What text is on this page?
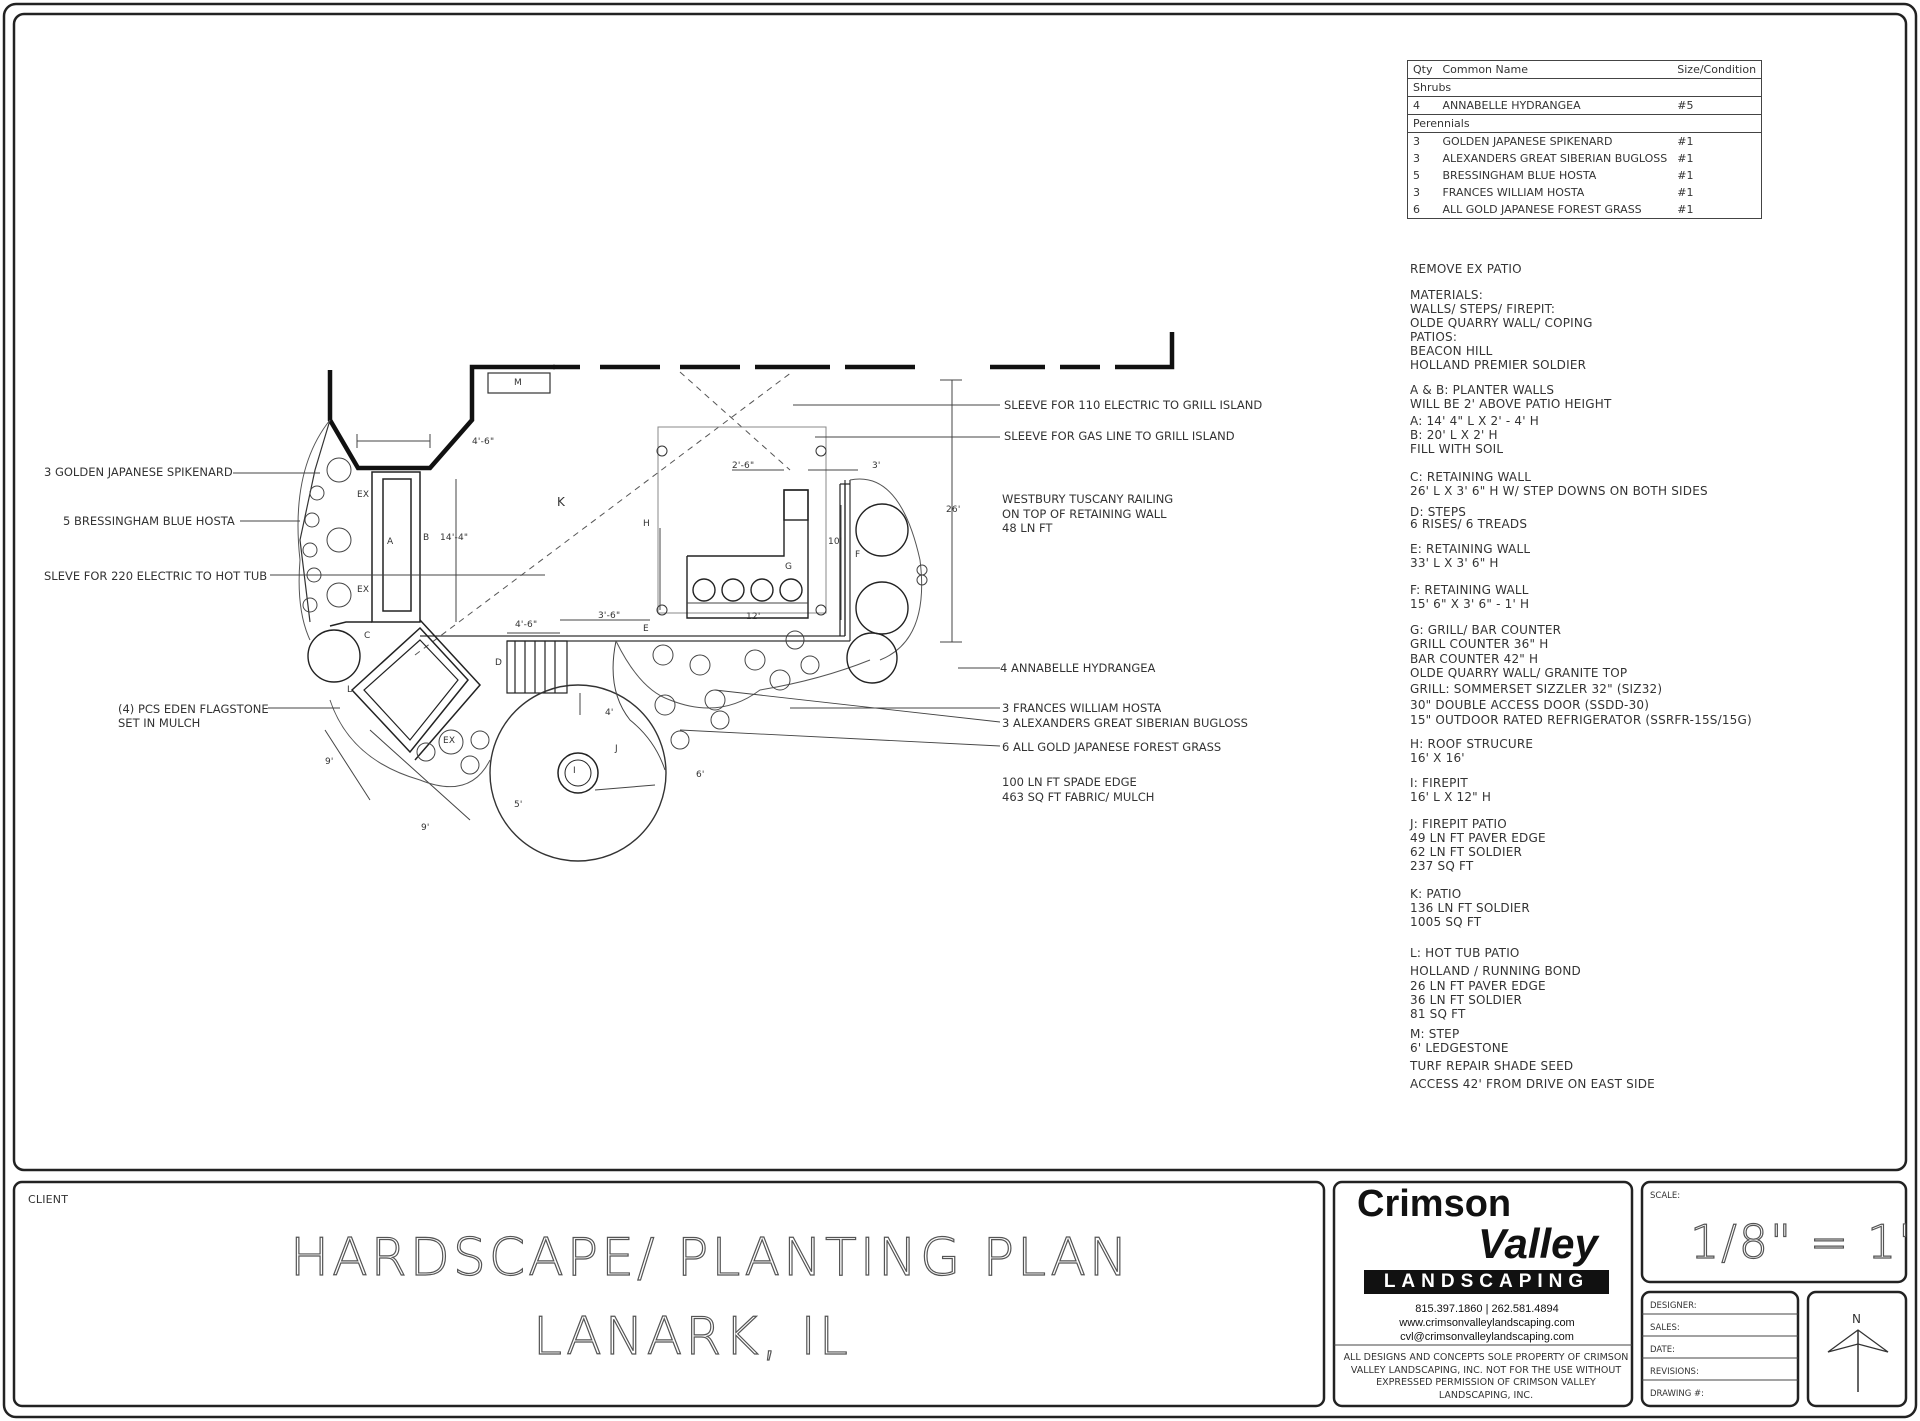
Qty	Common Name	Size/Condition
Shrubs		
4	ANNABELLE HYDRANGEA	#5
Perennials		
3	GOLDEN JAPANESE SPIKENARD	#1
3	ALEXANDERS GREAT SIBERIAN BUGLOSS	#1
5	BRESSINGHAM BLUE HOSTA	#1
3	FRANCES WILLIAM HOSTA	#1
6	ALL GOLD JAPANESE FOREST GRASS	#1
REMOVE EX PATIO
MATERIALS:
WALLS/ STEPS/ FIREPIT:
OLDE QUARRY WALL/ COPING
PATIOS:
BEACON HILL
HOLLAND PREMIER SOLDIER
A & B: PLANTER WALLS
WILL BE 2' ABOVE PATIO HEIGHT
A: 14' 4" L X 2' - 4' H
B: 20' L X 2' H
FILL WITH SOIL
C: RETAINING WALL
26' L X 3' 6" H W/ STEP DOWNS ON BOTH SIDES
D: STEPS
6 RISES/ 6 TREADS
E: RETAINING WALL
33' L X 3' 6" H
F: RETAINING WALL
15' 6" X 3' 6" - 1' H
G: GRILL/ BAR COUNTER
GRILL COUNTER 36" H
BAR COUNTER 42" H
OLDE QUARRY WALL/ GRANITE TOP
GRILL: SOMMERSET SIZZLER 32" (SIZ32)
30" DOUBLE ACCESS DOOR (SSDD-30)
15" OUTDOOR RATED REFRIGERATOR (SSRFR-15S/15G)
H: ROOF STRUCURE
16' X 16'
I: FIREPIT
16' L X 12" H
J: FIREPIT PATIO
49 LN FT PAVER EDGE
62 LN FT SOLDIER
237 SQ FT
K: PATIO
136 LN FT SOLDIER
1005 SQ FT
L: HOT TUB PATIO
HOLLAND / RUNNING BOND
26 LN FT PAVER EDGE
36 LN FT SOLDIER
81 SQ FT
M: STEP
6' LEDGESTONE
TURF REPAIR SHADE SEED
ACCESS 42' FROM DRIVE ON EAST SIDE
3 GOLDEN JAPANESE SPIKENARD
5 BRESSINGHAM BLUE HOSTA
SLEVE FOR 220 ELECTRIC TO HOT TUB
(4) PCS EDEN FLAGSTONE
SET IN MULCH
SLEEVE FOR 110 ELECTRIC TO GRILL ISLAND
SLEEVE FOR GAS LINE TO GRILL ISLAND
WESTBURY TUSCANY RAILING
ON TOP OF RETAINING WALL
48 LN FT
4 ANNABELLE HYDRANGEA
3 FRANCES WILLIAM HOSTA
3 ALEXANDERS GREAT SIBERIAN BUGLOSS
6 ALL GOLD JAPANESE FOREST GRASS
100 LN FT SPADE EDGE
463 SQ FT FABRIC/ MULCH
M
K
A	B
C
D
E
F
G
H
I
J
L
EX
EX
EX
4'-6"
14'-4"
2'-6"	3'
26'
10'
12'
4'-6"
3'-6"
4'
6'
5'
9'
9'
CLIENT
HARDSCAPE/ PLANTING PLAN
LANARK, IL
Crimson
Valley
LANDSCAPING
815.397.1860 | 262.581.4894
www.crimsonvalleylandscaping.com
cvl@crimsonvalleylandscaping.com
ALL DESIGNS AND CONCEPTS SOLE PROPERTY OF CRIMSON VALLEY LANDSCAPING, INC. NOT FOR THE USE WITHOUT EXPRESSED PERMISSION OF CRIMSON VALLEY LANDSCAPING, INC.
SCALE:
1/8" = 1'
DESIGNER:
SALES:
DATE:
REVISIONS:
DRAWING #:
N
